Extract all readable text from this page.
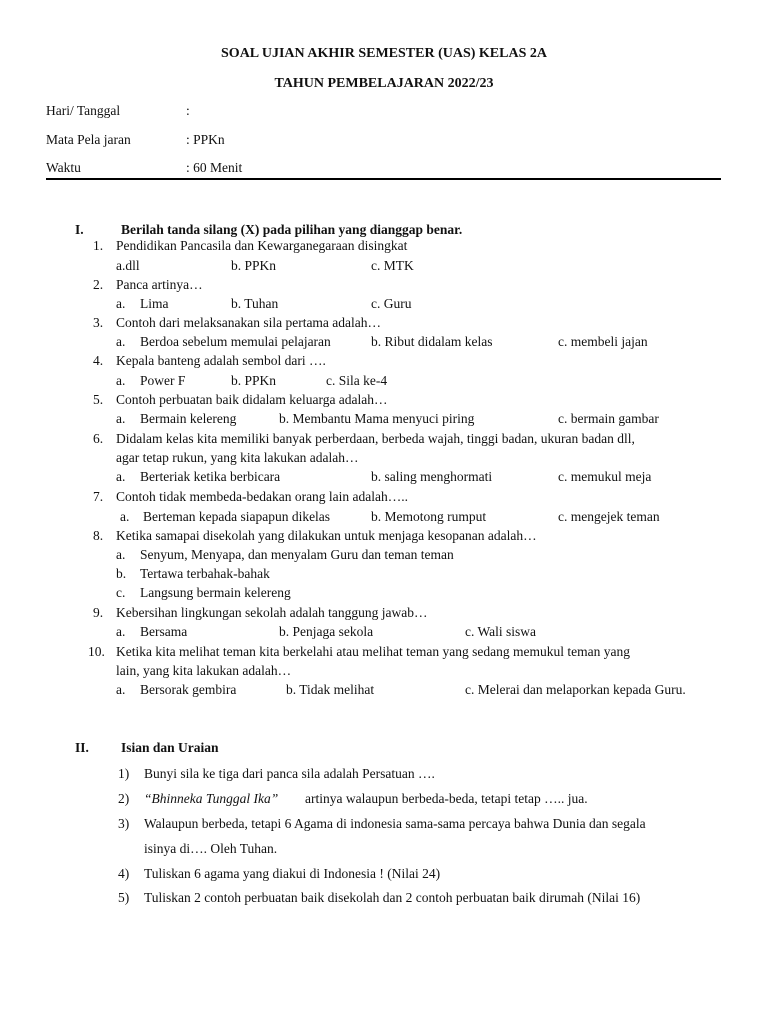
SOAL UJIAN AKHIR SEMESTER (UAS) KELAS 2A
TAHUN PEMBELAJARAN 2022/23
Hari/ Tanggal	:
Mata Pela jaran	: PPKn
Waktu	: 60 Menit
I.	Berilah tanda silang (X) pada pilihan yang dianggap benar.
1. Pendidikan Pancasila dan Kewarganegaraan disingkat
a.dll	b. PPKn	c. MTK
2. Panca artinya…
a. Lima	b. Tuhan	c. Guru
3. Contoh dari melaksanakan sila pertama adalah…
a. Berdoa sebelum memulai pelajaran	b. Ribut didalam kelas	c. membeli jajan
4. Kepala banteng adalah sembol dari ….
a. Power F	b. PPKn	c. Sila ke-4
5. Contoh perbuatan baik didalam keluarga adalah…
a. Bermain kelereng	b. Membantu Mama menyuci piring	c. bermain gambar
6. Didalam kelas kita memiliki banyak perberdaan, berbeda wajah, tinggi badan, ukuran badan dll,
agar tetap rukun, yang kita lakukan adalah…
a. Berteriak ketika berbicara	b. saling menghormati	c. memukul meja
7. Contoh tidak membeda-bedakan orang lain adalah…..
a. Berteman kepada siapapun dikelas	b. Memotong rumput	c. mengejek teman
8. Ketika samapai disekolah yang dilakukan untuk menjaga kesopanan adalah…
a. Senyum, Menyapa, dan menyalam Guru dan teman teman
b. Tertawa terbahak-bahak
c. Langsung bermain kelereng
9. Kebersihan lingkungan sekolah adalah tanggung jawab…
a. Bersama	b. Penjaga sekola	c. Wali siswa
10. Ketika kita melihat teman kita berkelahi atau melihat teman yang sedang memukul teman yang
lain, yang kita lakukan adalah…
a. Bersorak gembira	b. Tidak melihat	c. Melerai dan melaporkan kepada Guru.
II. Isian dan Uraian
1) Bunyi sila ke tiga dari panca sila adalah Persatuan ….
2) “Bhinneka Tunggal Ika” artinya walaupun berbeda-beda, tetapi tetap ….. jua.
3) Walaupun berbeda, tetapi 6 Agama di indonesia sama-sama percaya bahwa Dunia dan segala
isinya di…. Oleh Tuhan.
4) Tuliskan 6 agama yang diakui di Indonesia ! (Nilai 24)
5) Tuliskan 2 contoh perbuatan baik disekolah dan 2 contoh perbuatan baik dirumah (Nilai 16)
